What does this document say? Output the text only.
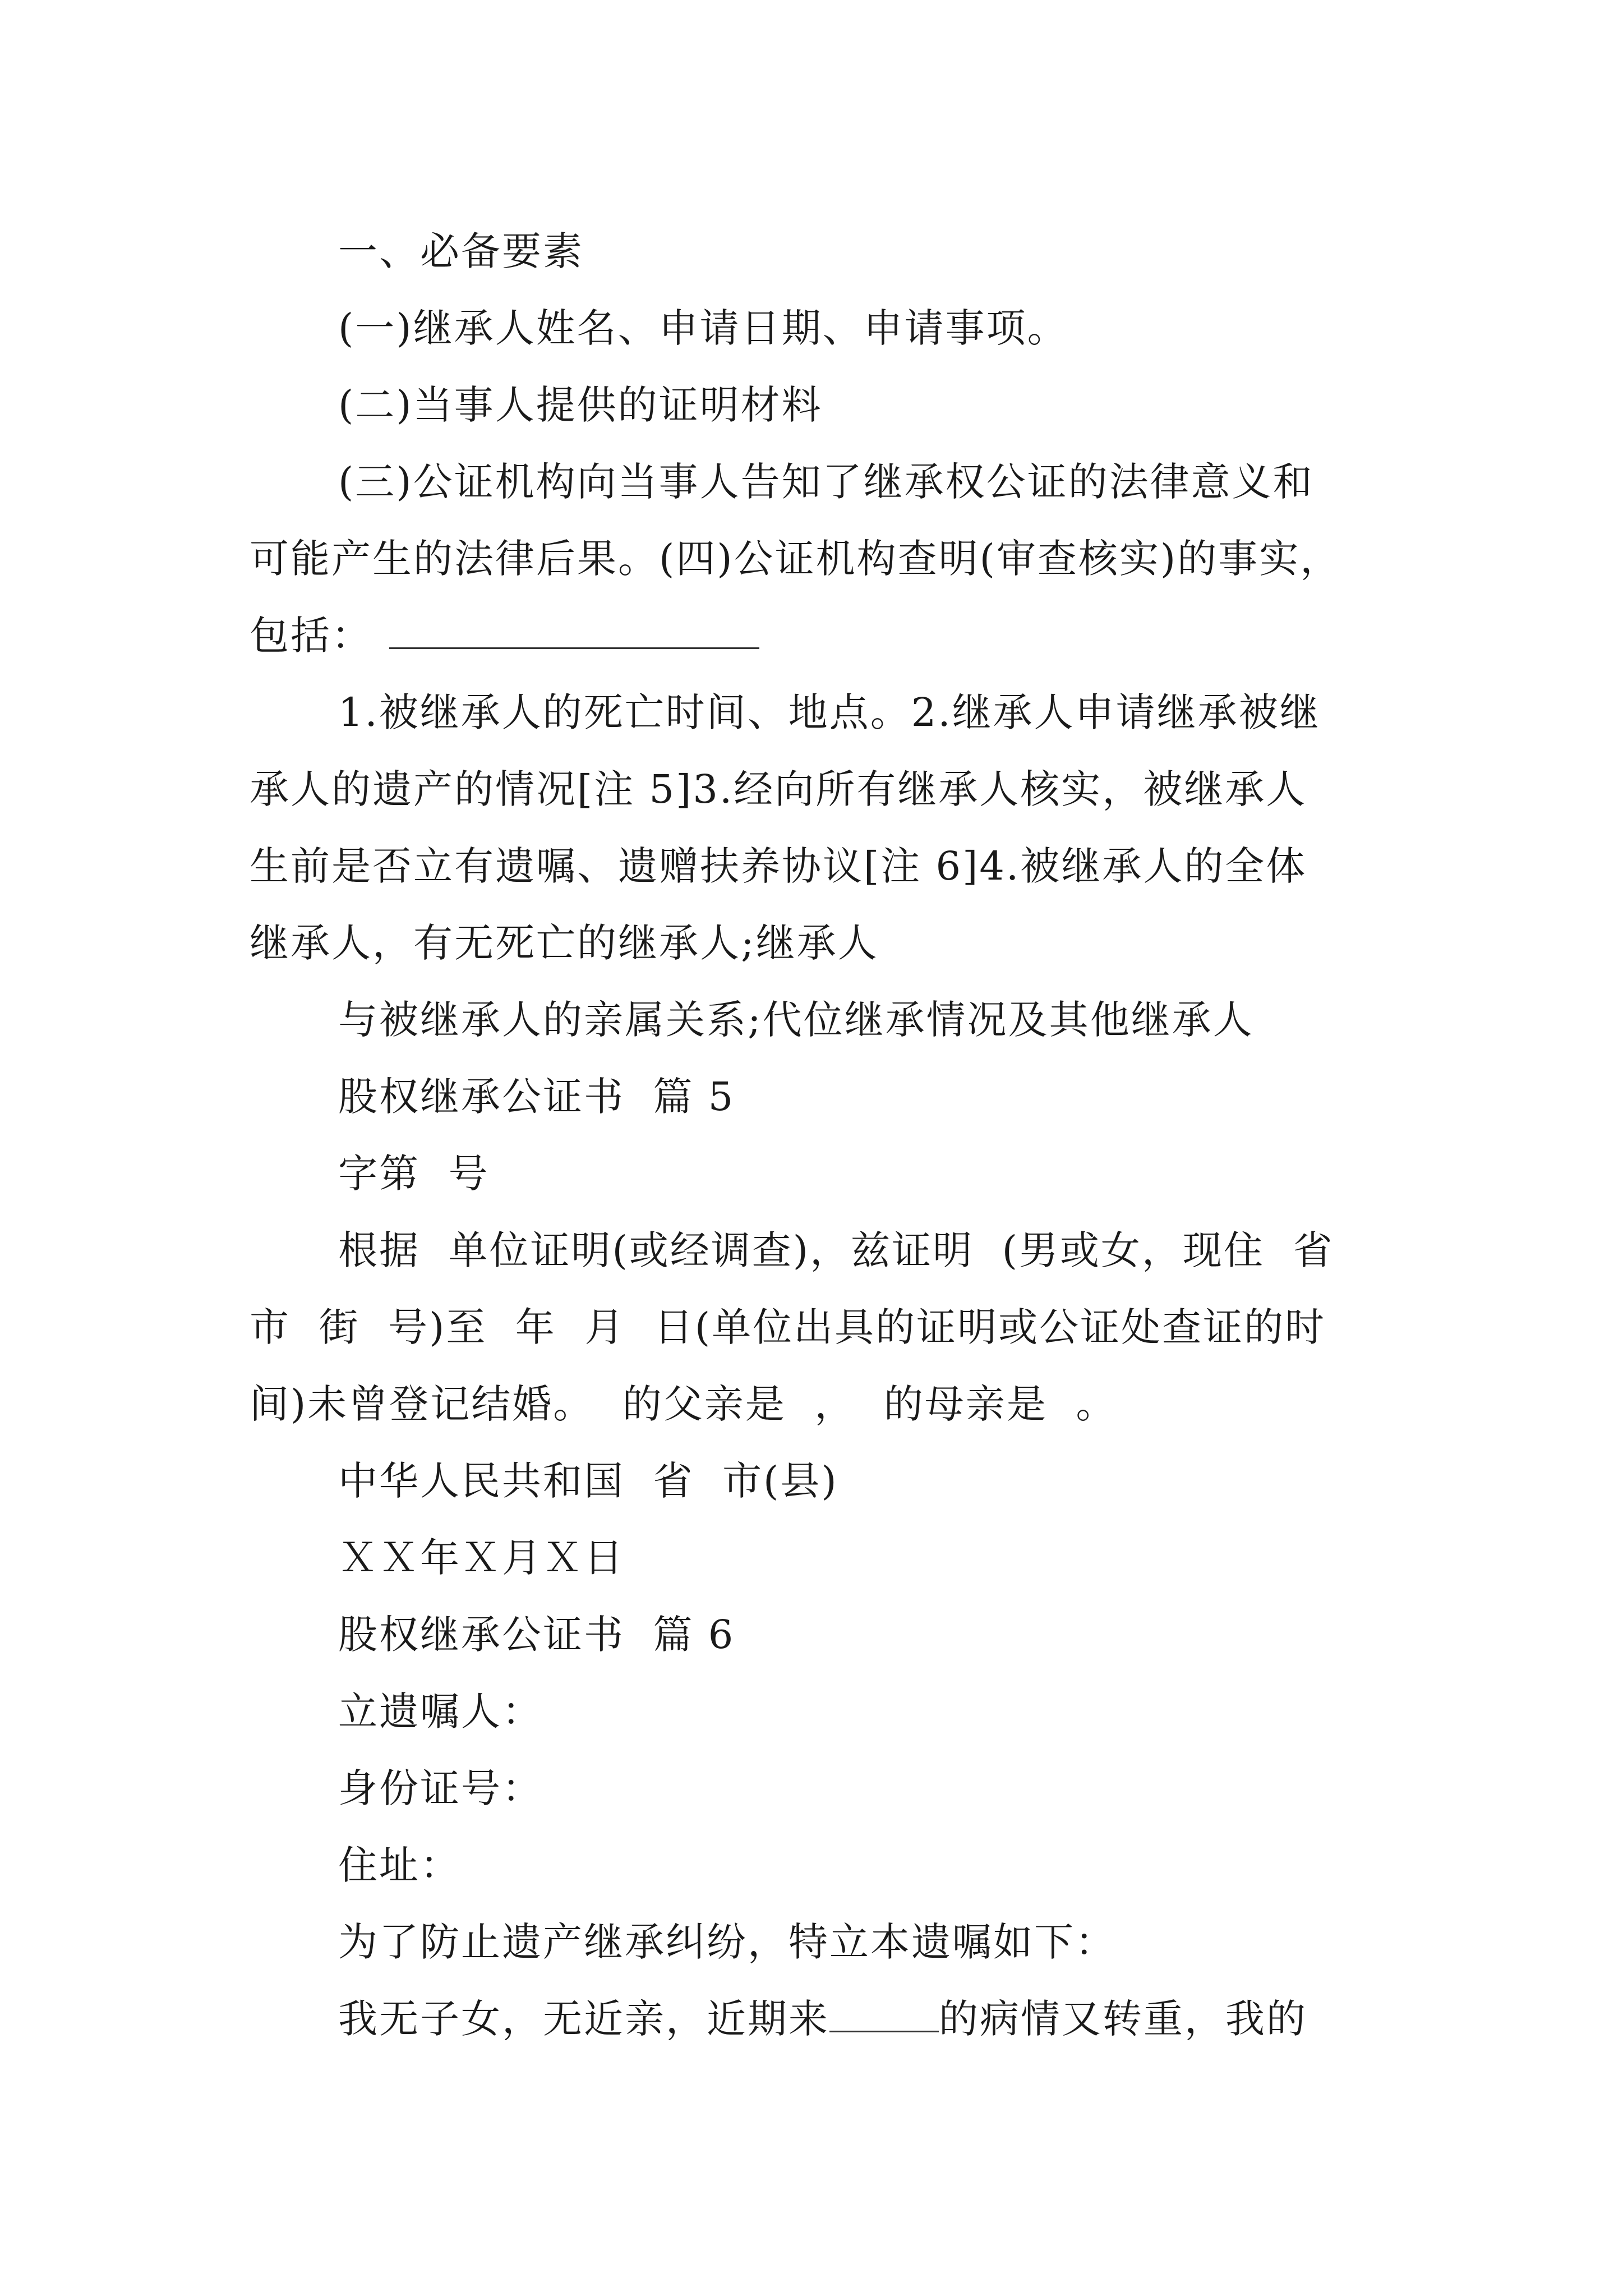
一、必备要素
(一)继承人姓名、申请日期、申请事项。
(二)当事人提供的证明材料
(三)公证机构向当事人告知了继承权公证的法律意义和
可能产生的法律后果。(四)公证机构查明(审查核实)的事实，
包括：
1.被继承人的死亡时间、地点。2.继承人申请继承被继
承人的遗产的情况[注 5]3.经向所有继承人核实，被继承人
生前是否立有遗嘱、遗赠扶养协议[注 6]4.被继承人的全体
继承人，有无死亡的继承人;继承人
与被继承人的亲属关系;代位继承情况及其他继承人
股权继承公证书  篇 5
字第  号
根据  单位证明(或经调查)，兹证明  (男或女，现住  省
市  街  号)至  年  月  日(单位出具的证明或公证处查证的时
间)未曾登记结婚。  的父亲是  ，  的母亲是  。
中华人民共和国  省  市(县)
ＸＸ年Ｘ月Ｘ日
股权继承公证书  篇 6
立遗嘱人：
身份证号：
住址：
为了防止遗产继承纠纷，特立本遗嘱如下：
我无子女，无近亲，近期来	的病情又转重，我的
